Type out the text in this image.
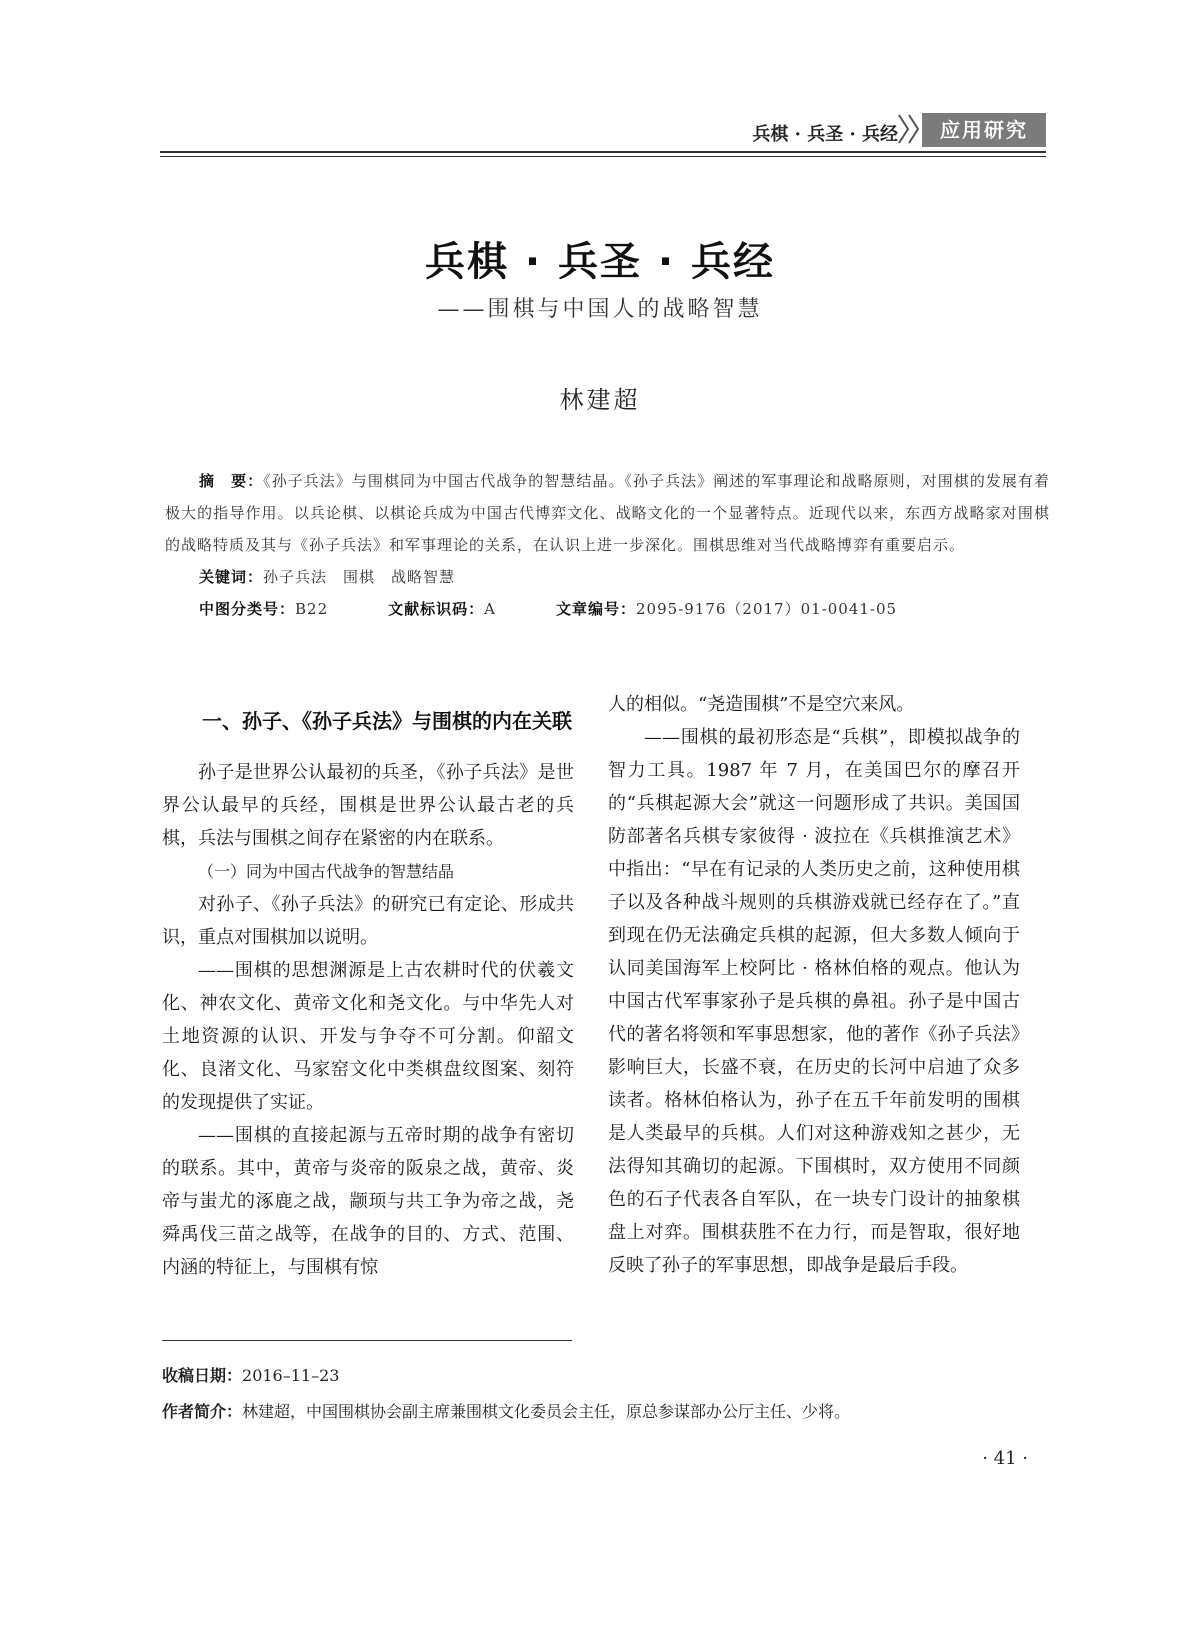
兵棋 · 兵圣 · 兵经	应用研究
兵棋 · 兵圣 · 兵经
——围棋与中国人的战略智慧
林建超

摘　要：《孙子兵法》与围棋同为中国古代战争的智慧结晶。《孙子兵法》阐述的军事理论和战略原则，对围棋的发展有着极大的指导作用。以兵论棋、以棋论兵成为中国古代博弈文化、战略文化的一个显著特点。近现代以来，东西方战略家对围棋的战略特质及其与《孙子兵法》和军事理论的关系，在认识上进一步深化。围棋思维对当代战略博弈有重要启示。

关键词：孙子兵法　围棋　战略智慧

中图分类号：B22	文献标识码：A	文章编号：2095-9176（2017）01-0041-05

一、孙子、《孙子兵法》与围棋的内在关联

孙子是世界公认最初的兵圣，《孙子兵法》是世界公认最早的兵经，围棋是世界公认最古老的兵棋，兵法与围棋之间存在紧密的内在联系。

（一）同为中国古代战争的智慧结晶

对孙子、《孙子兵法》的研究已有定论、形成共识，重点对围棋加以说明。

——围棋的思想渊源是上古农耕时代的伏羲文化、神农文化、黄帝文化和尧文化。与中华先人对土地资源的认识、开发与争夺不可分割。仰韶文化、良渚文化、马家窑文化中类棋盘纹图案、刻符的发现提供了实证。

——围棋的直接起源与五帝时期的战争有密切的联系。其中，黄帝与炎帝的阪泉之战，黄帝、炎帝与蚩尤的涿鹿之战，颛顼与共工争为帝之战，尧舜禹伐三苗之战等，在战争的目的、方式、范围、内涵的特征上，与围棋有惊

人的相似。“尧造围棋”不是空穴来风。

——围棋的最初形态是“兵棋”，即模拟战争的智力工具。1987 年 7 月，在美国巴尔的摩召开的“兵棋起源大会”就这一问题形成了共识。美国国防部著名兵棋专家彼得 · 波拉在《兵棋推演艺术》中指出：“早在有记录的人类历史之前，这种使用棋子以及各种战斗规则的兵棋游戏就已经存在了。”直到现在仍无法确定兵棋的起源，但大多数人倾向于认同美国海军上校阿比 · 格林伯格的观点。他认为中国古代军事家孙子是兵棋的鼻祖。孙子是中国古代的著名将领和军事思想家，他的著作《孙子兵法》影响巨大，长盛不衰，在历史的长河中启迪了众多读者。格林伯格认为，孙子在五千年前发明的围棋是人类最早的兵棋。人们对这种游戏知之甚少，无法得知其确切的起源。下围棋时，双方使用不同颜色的石子代表各自军队，在一块专门设计的抽象棋盘上对弈。围棋获胜不在力行，而是智取，很好地反映了孙子的军事思想，即战争是最后手段。

收稿日期：2016–11–23

作者简介：林建超，中国围棋协会副主席兼围棋文化委员会主任，原总参谋部办公厅主任、少将。

· 41 ·
